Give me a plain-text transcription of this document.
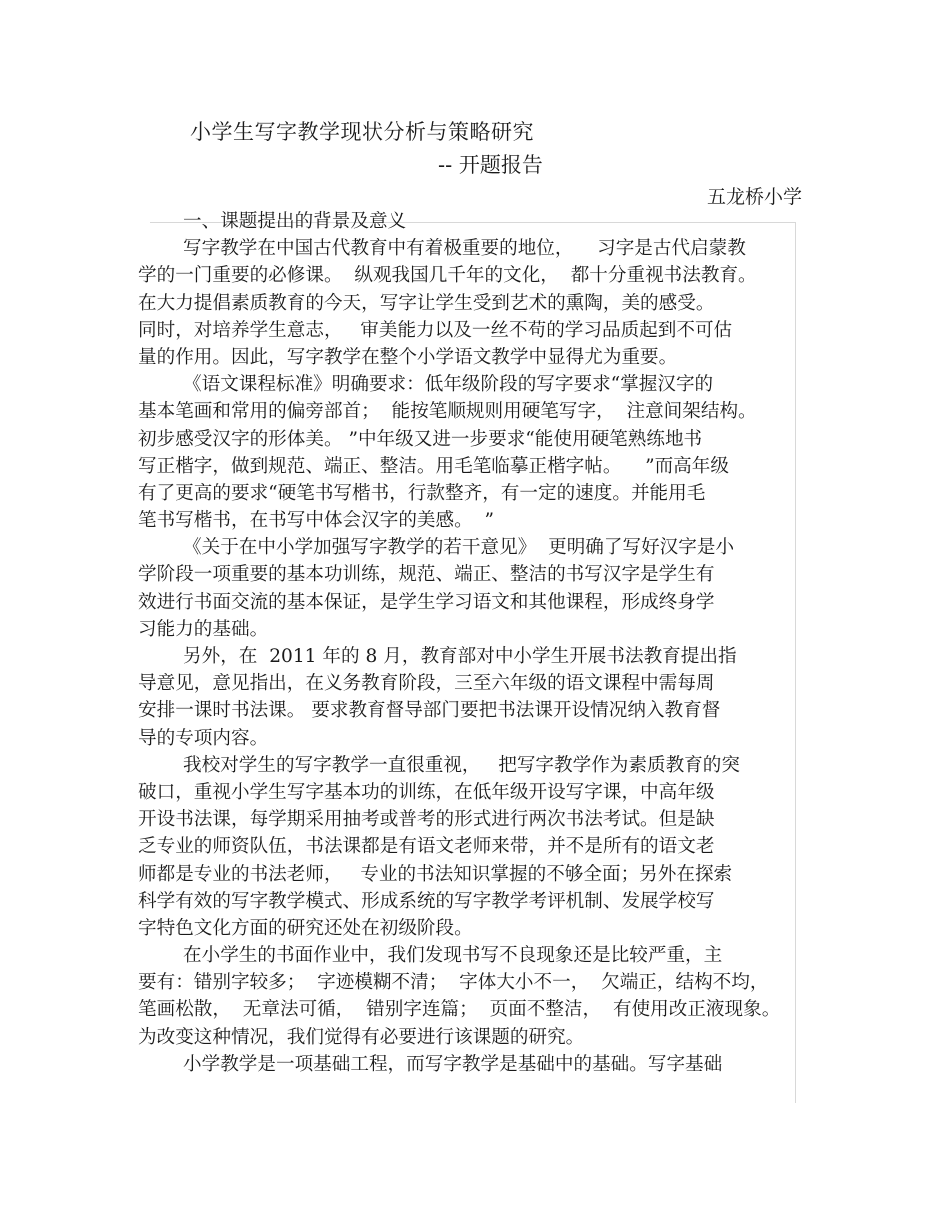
小学生写字教学现状分析与策略研究
-- 开题报告
五龙桥小学
一、课题提出的背景及意义
写字教学在中国古代教育中有着极重要的地位，    习字是古代启蒙教
学的一门重要的必修课。  纵观我国几千年的文化，  都十分重视书法教育。
在大力提倡素质教育的今天，写字让学生受到艺术的熏陶，美的感受。
同时，对培养学生意志，   审美能力以及一丝不苟的学习品质起到不可估
量的作用。因此，写字教学在整个小学语文教学中显得尤为重要。
《语文课程标准》明确要求：低年级阶段的写字要求“掌握汉字的
基本笔画和常用的偏旁部首；  能按笔顺规则用硬笔写字，  注意间架结构。
初步感受汉字的形体美。 ”中年级又进一步要求“能使用硬笔熟练地书
写正楷字，做到规范、端正、整洁。用毛笔临摹正楷字帖。    ”而高年级
有了更高的要求“硬笔书写楷书，行款整齐，有一定的速度。并能用毛
笔书写楷书，在书写中体会汉字的美感。  ”
《关于在中小学加强写字教学的若干意见》  更明确了写好汉字是小
学阶段一项重要的基本功训练，规范、端正、整洁的书写汉字是学生有
效进行书面交流的基本保证，是学生学习语文和其他课程，形成终身学
习能力的基础。
另外，在  2011 年的 8 月，教育部对中小学生开展书法教育提出指
导意见，意见指出，在义务教育阶段，三至六年级的语文课程中需每周
安排一课时书法课。 要求教育督导部门要把书法课开设情况纳入教育督
导的专项内容。
我校对学生的写字教学一直很重视，   把写字教学作为素质教育的突
破口，重视小学生写字基本功的训练，在低年级开设写字课，中高年级
开设书法课，每学期采用抽考或普考的形式进行两次书法考试。但是缺
乏专业的师资队伍，书法课都是有语文老师来带，并不是所有的语文老
师都是专业的书法老师，   专业的书法知识掌握的不够全面；另外在探索
科学有效的写字教学模式、形成系统的写字教学考评机制、发展学校写
字特色文化方面的研究还处在初级阶段。
在小学生的书面作业中，我们发现书写不良现象还是比较严重，主
要有：错别字较多；  字迹模糊不清；  字体大小不一，  欠端正，结构不均，
笔画松散，  无章法可循，  错别字连篇；  页面不整洁，  有使用改正液现象。
为改变这种情况，我们觉得有必要进行该课题的研究。
小学教学是一项基础工程，而写字教学是基础中的基础。写字基础
